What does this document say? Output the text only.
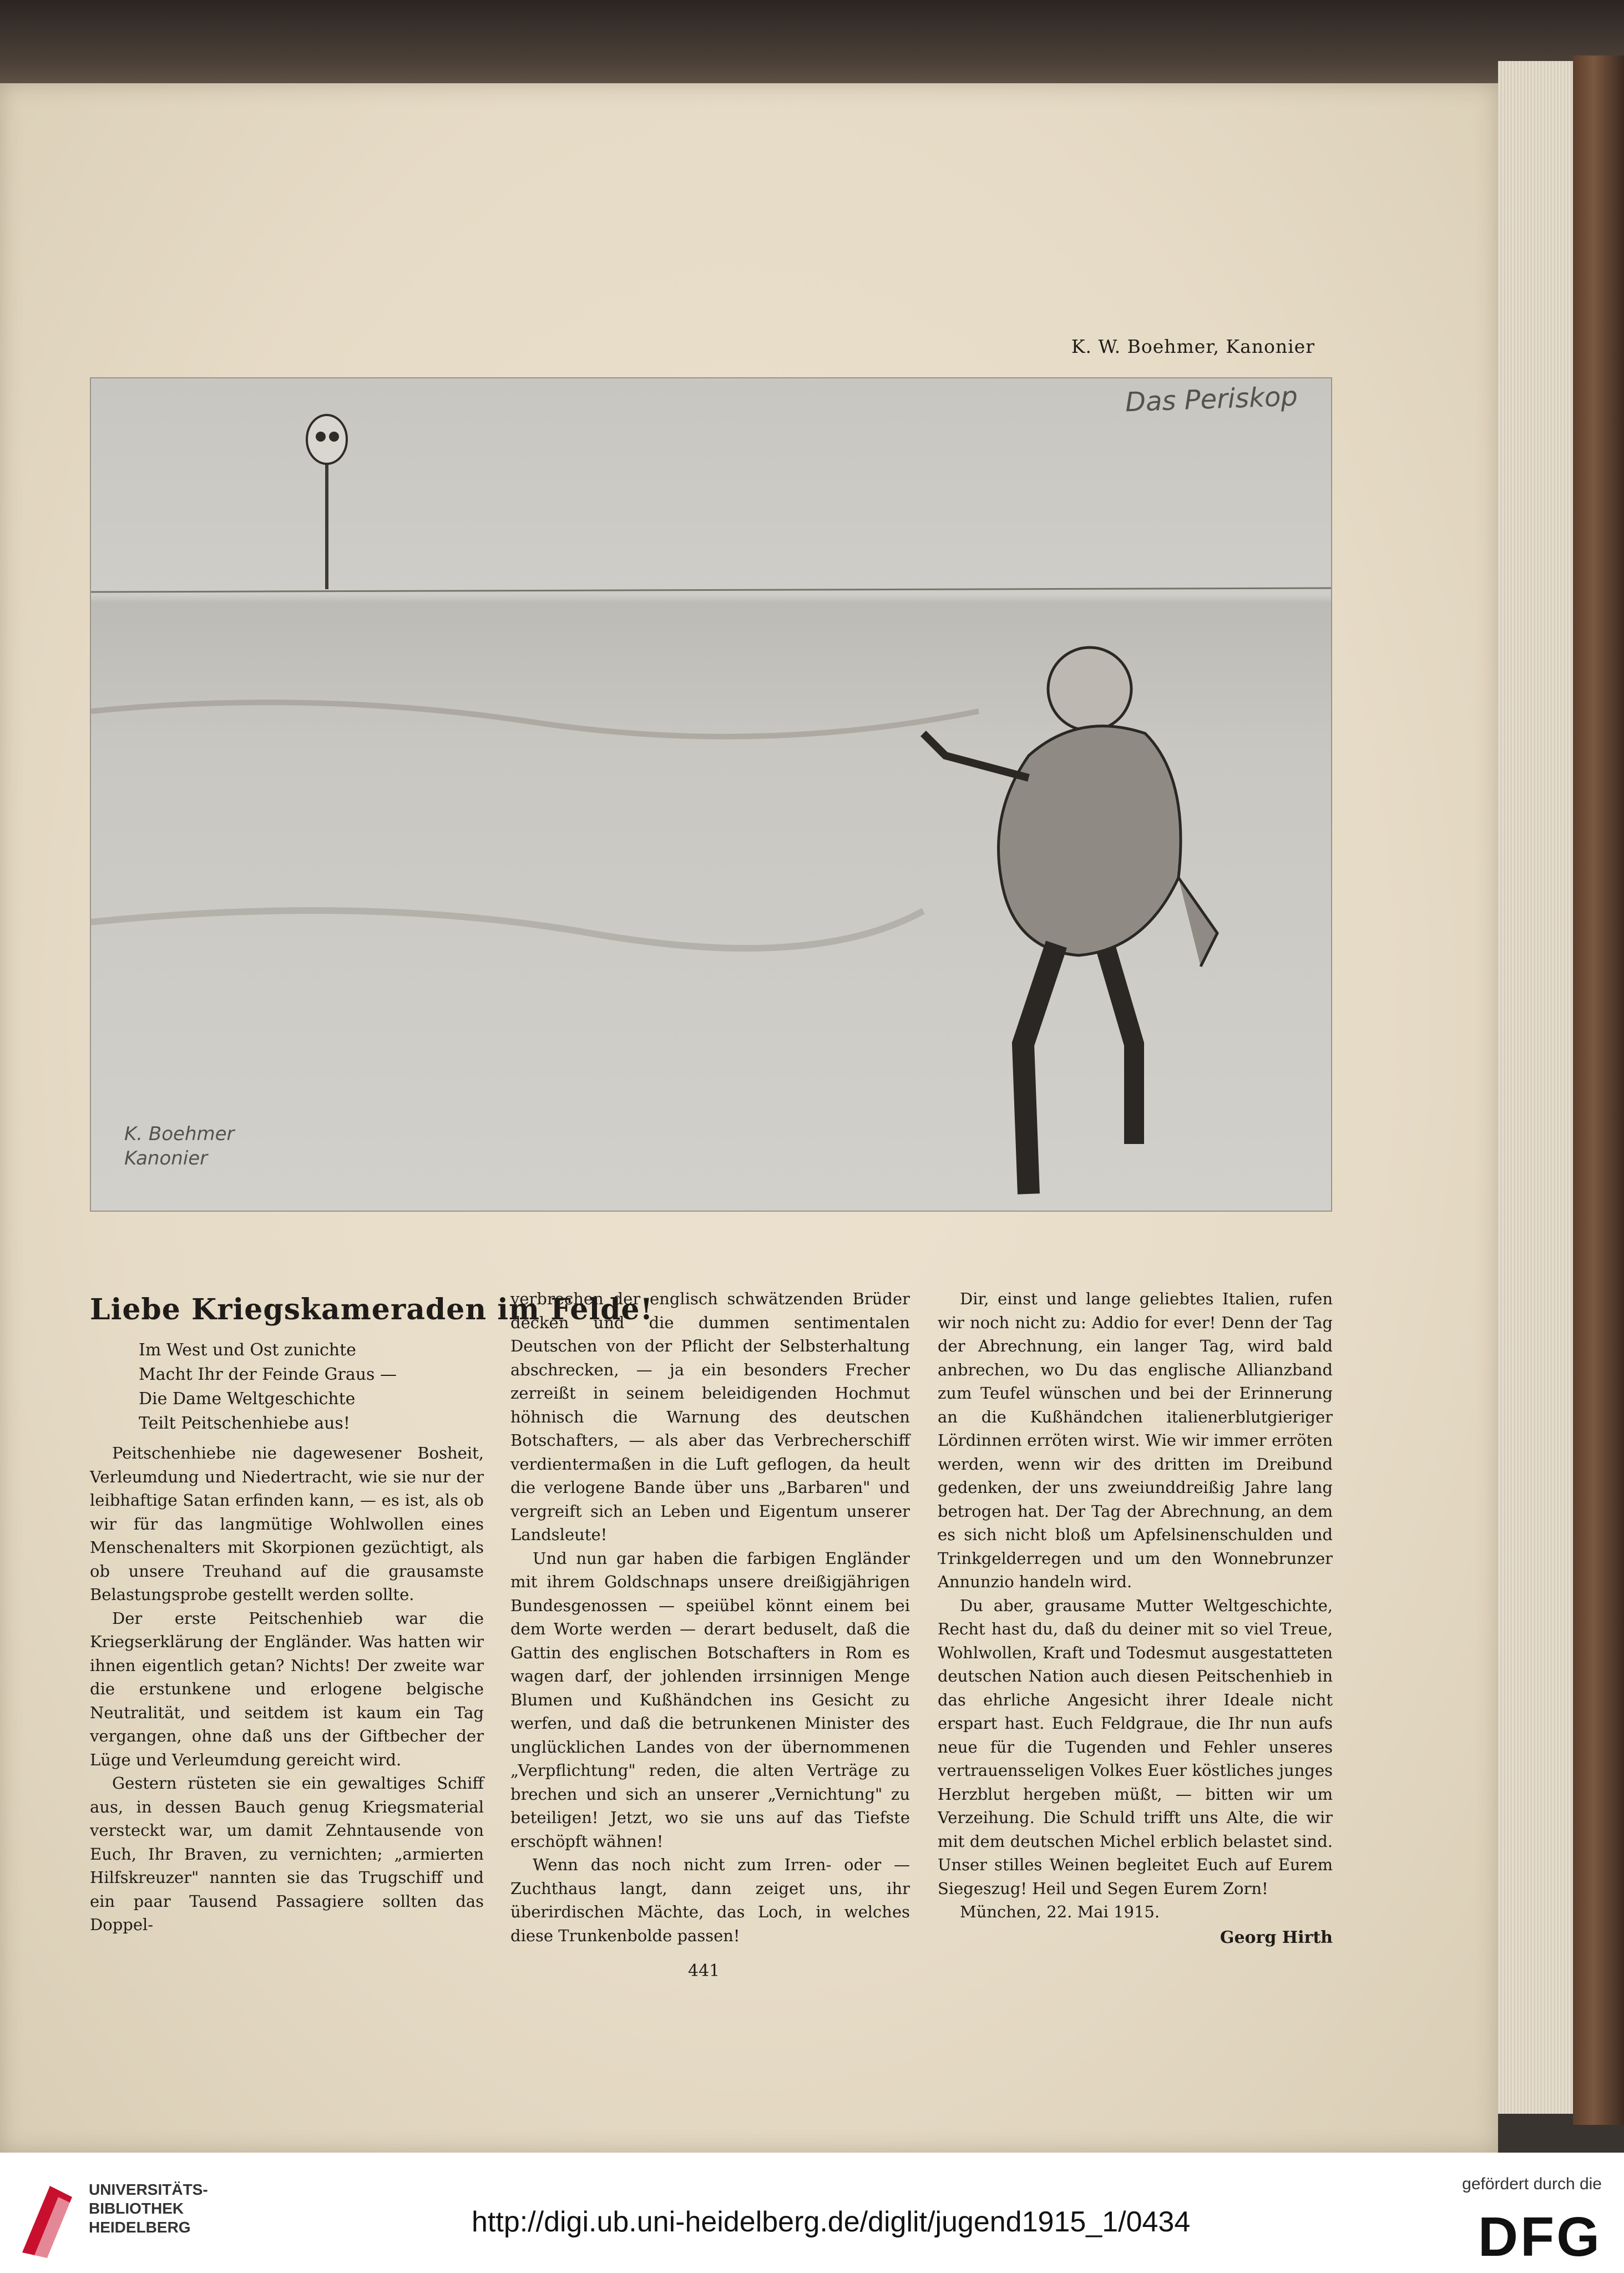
K. W. Boehmer, Kanonier
Das Periskop
K. Boehmer
Kanonier
Liebe Kriegskameraden im Felde!
Im West und Ost zunichte
Macht Ihr der Feinde Graus —
Die Dame Weltgeschichte
Teilt Peitschenhiebe aus!

Peitschenhiebe nie dagewesener Bosheit, Verleumdung und Niedertracht, wie sie nur der leibhaftige Satan erfinden kann, — es ist, als ob wir für das langmütige Wohlwollen eines Menschenalters mit Skorpionen gezüchtigt, als ob unsere Treuhand auf die grausamste Belastungsprobe gestellt werden sollte.

Der erste Peitschenhieb war die Kriegserklärung der Engländer. Was hatten wir ihnen eigentlich getan? Nichts! Der zweite war die erstunkene und erlogene belgische Neutralität, und seitdem ist kaum ein Tag vergangen, ohne daß uns der Giftbecher der Lüge und Verleumdung gereicht wird.

Gestern rüsteten sie ein gewaltiges Schiff aus, in dessen Bauch genug Kriegsmaterial versteckt war, um damit Zehntausende von Euch, Ihr Braven, zu vernichten; „armierten Hilfskreuzer" nannten sie das Trugschiff und ein paar Tausend Passagiere sollten das Doppel-

verbrechen der englisch schwätzenden Brüder decken und die dummen sentimentalen Deutschen von der Pflicht der Selbsterhaltung abschrecken, — ja ein besonders Frecher zerreißt in seinem beleidigenden Hochmut höhnisch die Warnung des deutschen Botschafters, — als aber das Verbrecherschiff verdientermaßen in die Luft geflogen, da heult die verlogene Bande über uns „Barbaren" und vergreift sich an Leben und Eigentum unserer Landsleute!

Und nun gar haben die farbigen Engländer mit ihrem Goldschnaps unsere dreißigjährigen Bundesgenossen — speiübel könnt einem bei dem Worte werden — derart beduselt, daß die Gattin des englischen Botschafters in Rom es wagen darf, der johlenden irrsinnigen Menge Blumen und Kußhändchen ins Gesicht zu werfen, und daß die betrunkenen Minister des unglücklichen Landes von der übernommenen „Verpflichtung" reden, die alten Verträge zu brechen und sich an unserer „Vernichtung" zu beteiligen! Jetzt, wo sie uns auf das Tiefste erschöpft wähnen!

Wenn das noch nicht zum Irren- oder — Zuchthaus langt, dann zeiget uns, ihr überirdischen Mächte, das Loch, in welches diese Trunkenbolde passen!

Dir, einst und lange geliebtes Italien, rufen wir noch nicht zu: Addio for ever! Denn der Tag der Abrechnung, ein langer Tag, wird bald anbrechen, wo Du das englische Allianzband zum Teufel wünschen und bei der Erinnerung an die Kußhändchen italienerblutgieriger Lördinnen erröten wirst. Wie wir immer erröten werden, wenn wir des dritten im Dreibund gedenken, der uns zweiunddreißig Jahre lang betrogen hat. Der Tag der Abrechnung, an dem es sich nicht bloß um Apfelsinenschulden und Trinkgelderregen und um den Wonnebrunzer Annunzio handeln wird.

Du aber, grausame Mutter Weltgeschichte, Recht hast du, daß du deiner mit so viel Treue, Wohlwollen, Kraft und Todesmut ausgestatteten deutschen Nation auch diesen Peitschenhieb in das ehrliche Angesicht ihrer Ideale nicht erspart hast. Euch Feldgraue, die Ihr nun aufs neue für die Tugenden und Fehler unseres vertrauensseligen Volkes Euer köstliches junges Herzblut hergeben müßt, — bitten wir um Verzeihung. Die Schuld trifft uns Alte, die wir mit dem deutschen Michel erblich belastet sind. Unser stilles Weinen begleitet Euch auf Eurem Siegeszug! Heil und Segen Eurem Zorn!

München, 22. Mai 1915.

Georg Hirth
441
UNIVERSITÄTS-
BIBLIOTHEK
HEIDELBERG	http://digi.ub.uni-heidelberg.de/diglit/jugend1915_1/0434
gefördert durch die
DFG
